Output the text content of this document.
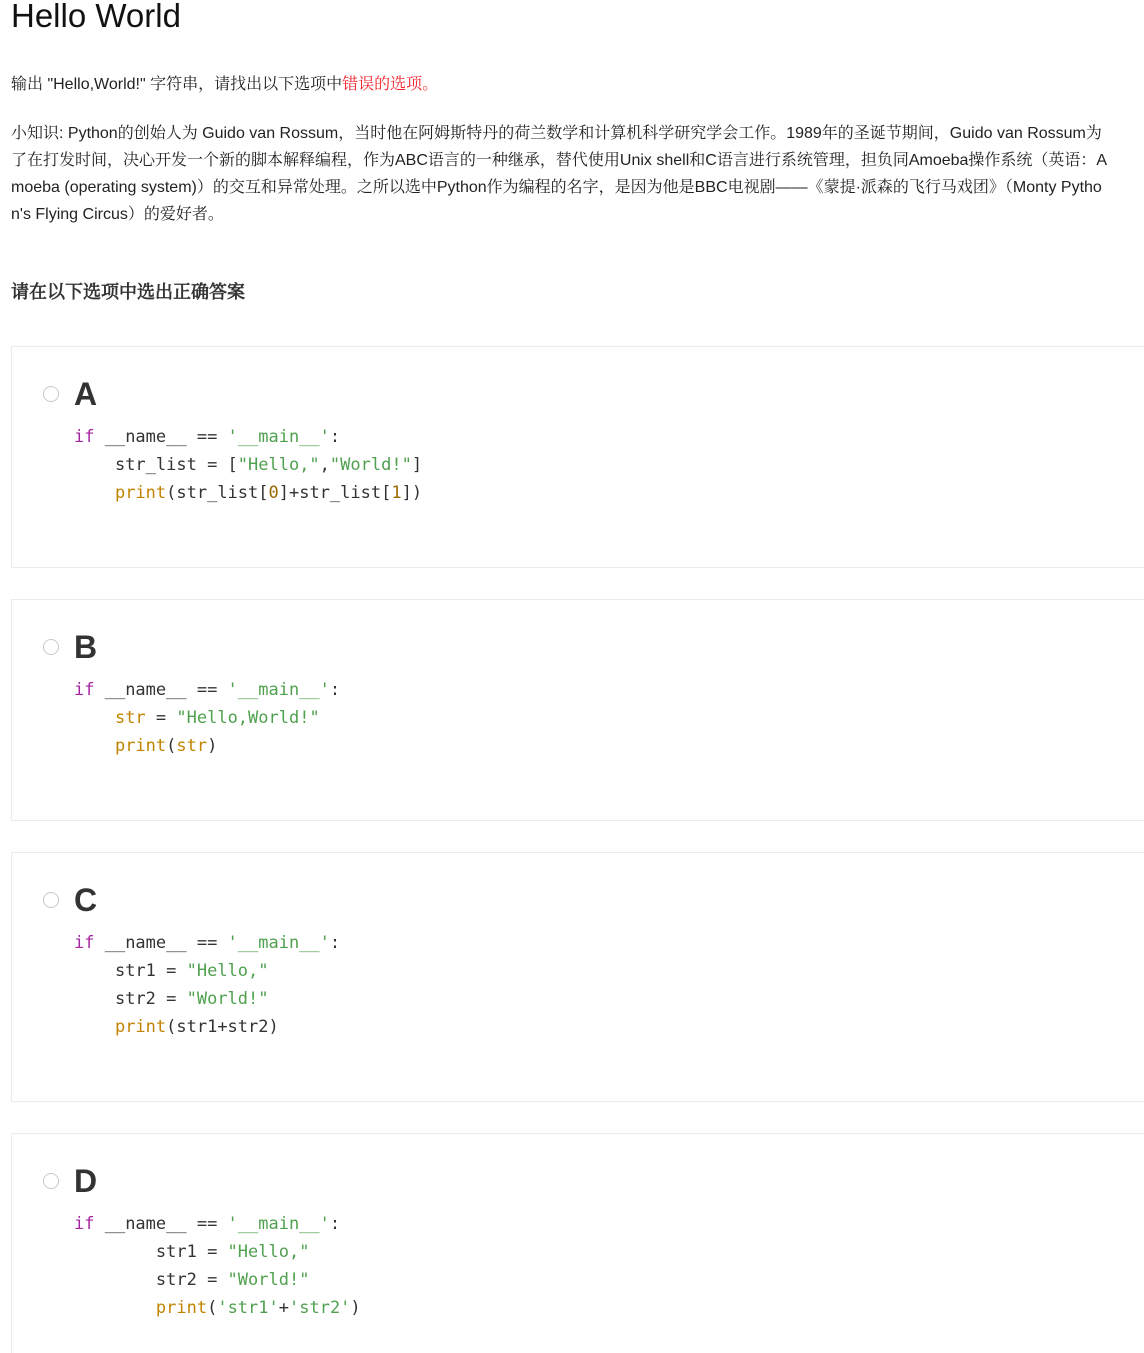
Hello World
输出 "Hello,World!" 字符串，请找出以下选项中错误的选项。

小知识: Python的创始人为 Guido van Rossum，当时他在阿姆斯特丹的荷兰数学和计算机科学研究学会工作。1989年的圣诞节期间，Guido van Rossum为了在打发时间，决心开发一个新的脚本解释编程，作为ABC语言的一种继承，替代使用Unix shell和C语言进行系统管理，担负同Amoeba操作系统（英语：Amoeba (operating system)）的交互和异常处理。之所以选中Python作为编程的名字，是因为他是BBC电视剧——《蒙提·派森的飞行马戏团》（Monty Python's Flying Circus）的爱好者。

请在以下选项中选出正确答案
A
if __name__ == '__main__':
str_list = ["Hello,","World!"]
print(str_list[0]+str_list[1])
B
if __name__ == '__main__':
str = "Hello,World!"
print(str)
C
if __name__ == '__main__':
str1 = "Hello,"
str2 = "World!"
print(str1+str2)
D
if __name__ == '__main__':
str1 = "Hello,"
str2 = "World!"
print('str1'+'str2')
